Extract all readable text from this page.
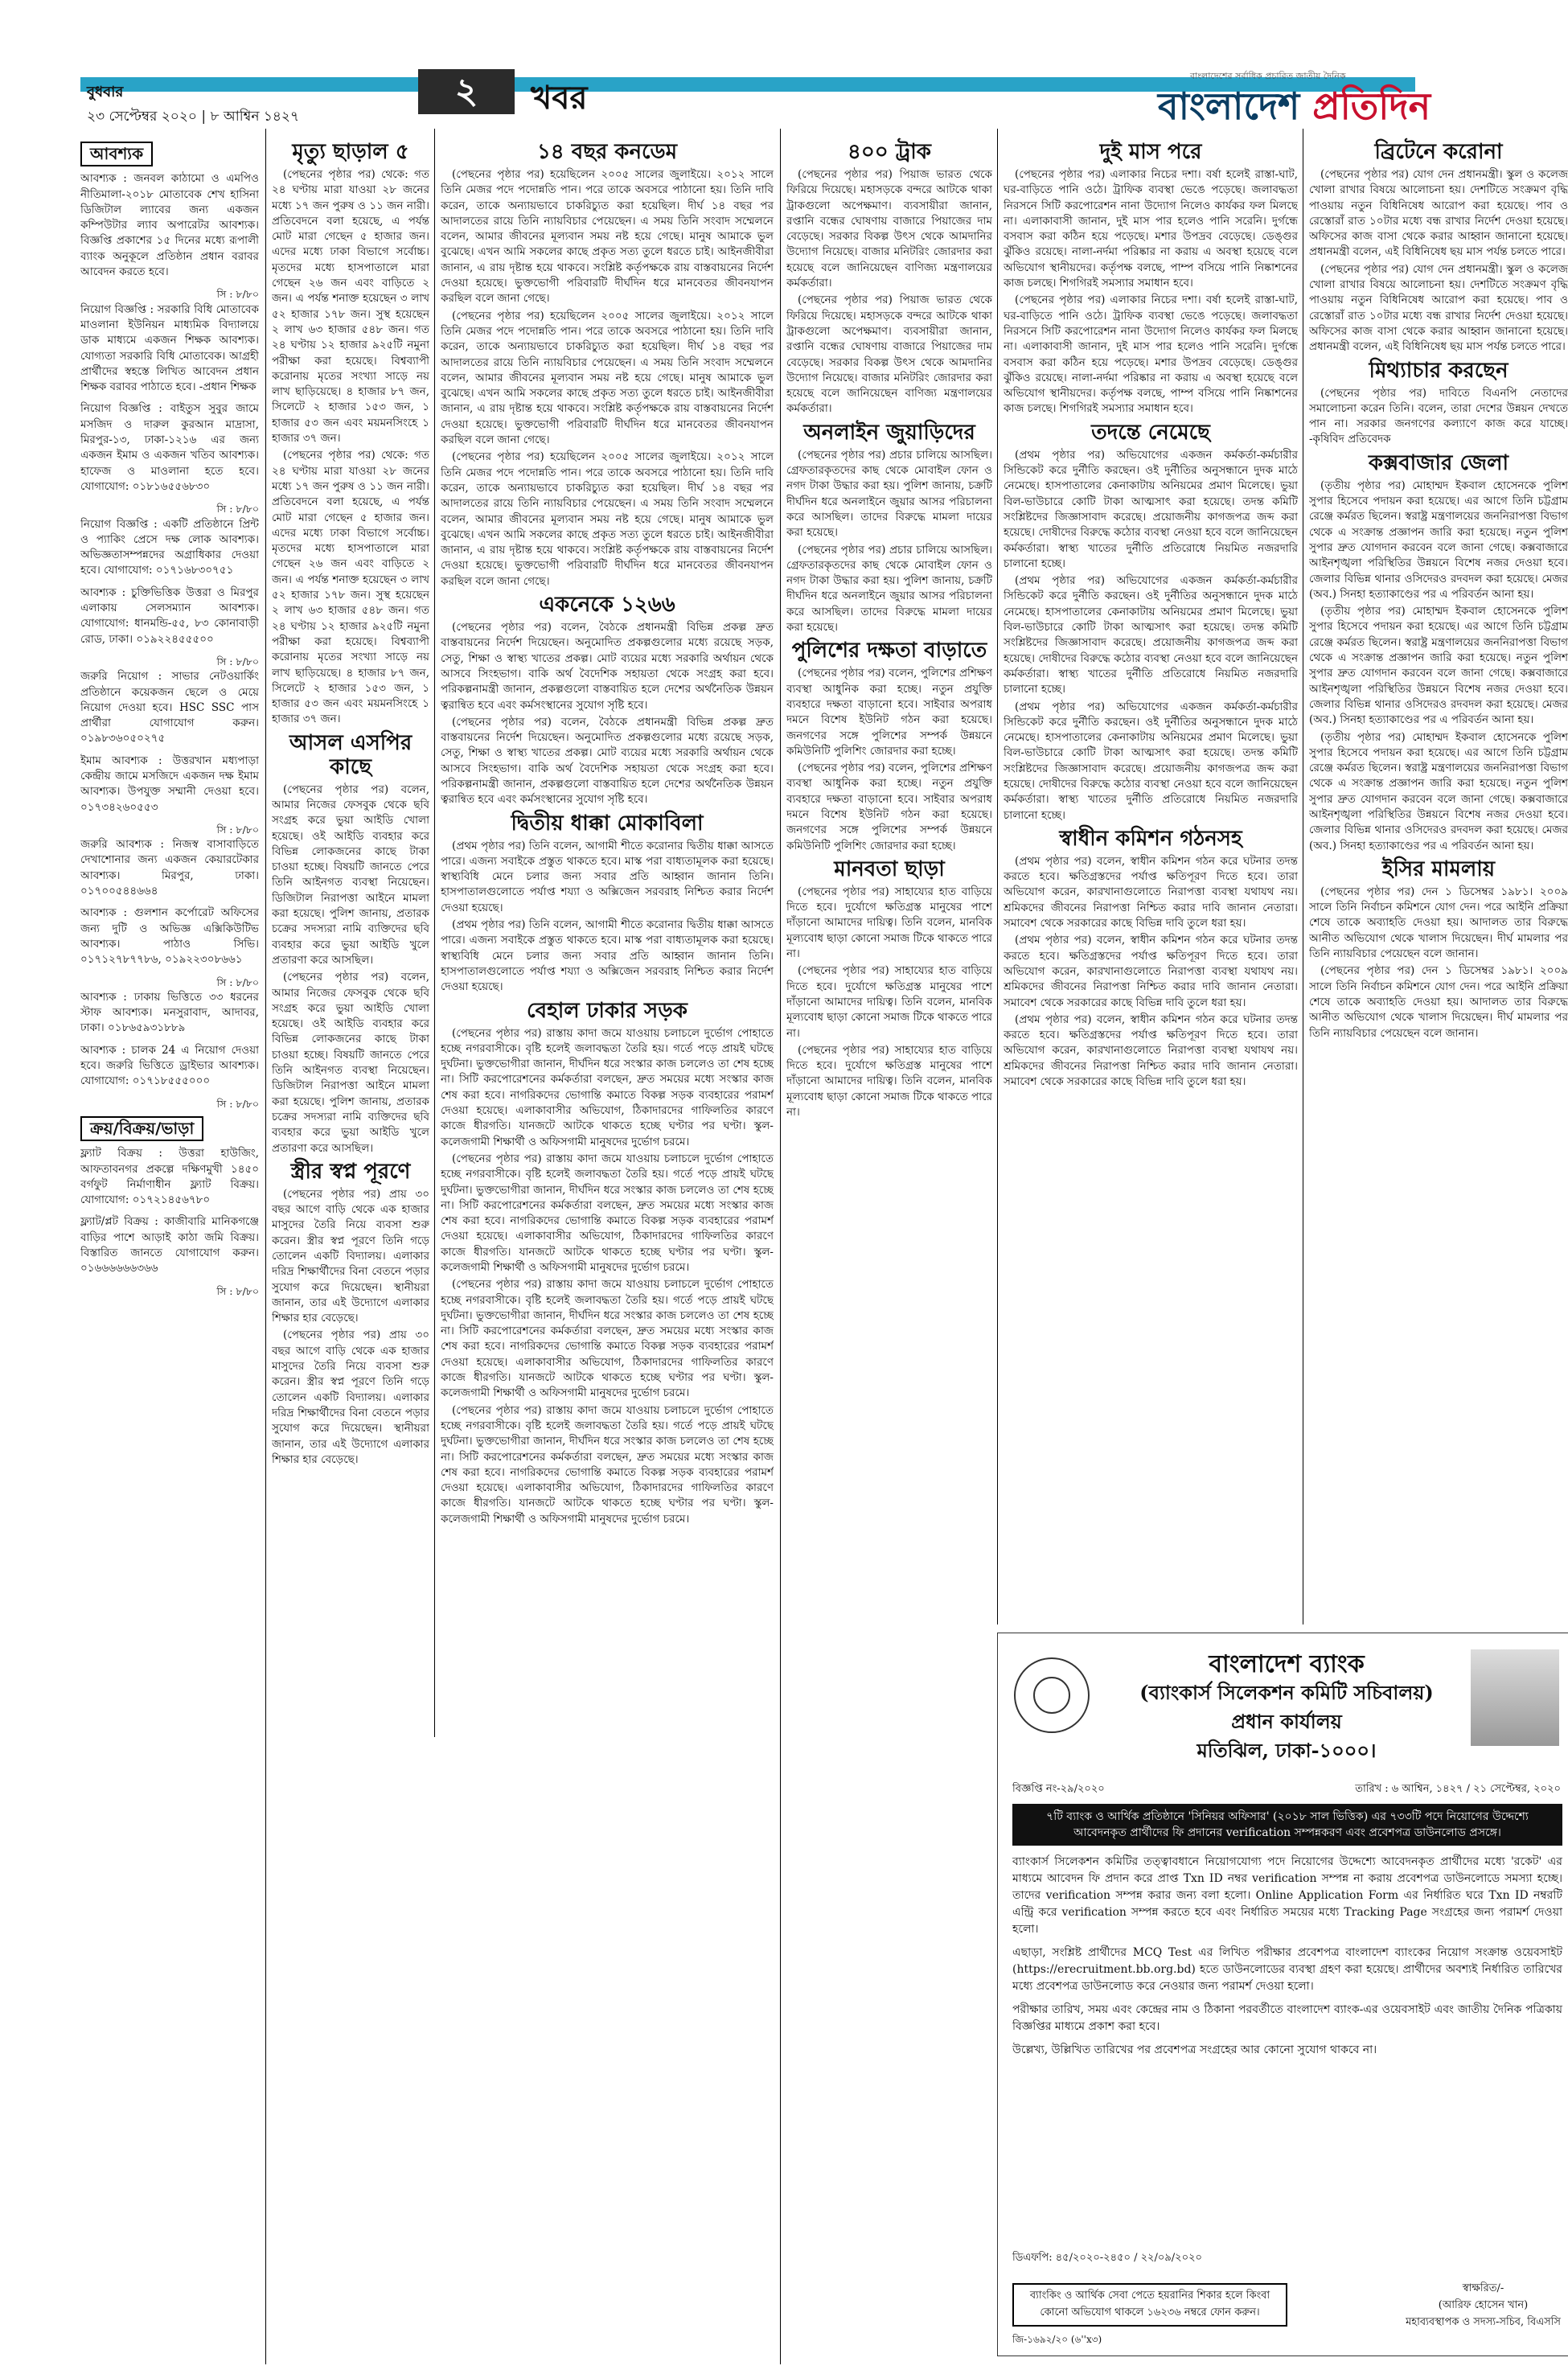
বুধবার
২৩ সেপ্টেম্বর ২০২০ | ৮ আশ্বিন ১৪২৭
২	খবর
বাংলাদেশের সর্বাধিক প্রচারিত জাতীয় দৈনিক
বাংলাদেশ প্রতিদিন
আবশ্যক

আবশ্যক : জনবল কাঠামো ও এমপিও নীতিমালা-২০১৮ মোতাবেক শেখ হাসিনা ডিজিটাল ল্যাবের জন্য একজন কম্পিউটার ল্যাব অপারেটর আবশ্যক। বিজ্ঞপ্তি প্রকাশের ১৫ দিনের মধ্যে রূপালী ব্যাংক অনুকূলে প্রতিষ্ঠান প্রধান বরাবর আবেদন করতে হবে।

সি : ৮/৮০

নিয়োগ বিজ্ঞপ্তি : সরকারি বিধি মোতাবেক মাওলানা ইউনিয়ন মাধ্যমিক বিদ্যালয়ে ডাক মাধ্যমে একজন শিক্ষক আবশ্যক। যোগ্যতা সরকারি বিধি মোতাবেক। আগ্রহী প্রার্থীদের স্বহস্তে লিখিত আবেদন প্রধান শিক্ষক বরাবর পাঠাতে হবে। -প্রধান শিক্ষক

নিয়োগ বিজ্ঞপ্তি : বাইতুস সুবুর জামে মসজিদ ও দারুল কুরআন মাদ্রাসা, মিরপুর-১৩, ঢাকা-১২১৬ এর জন্য একজন ইমাম ও একজন খতিব আবশ্যক। হাফেজ ও মাওলানা হতে হবে। যোগাযোগ: ০১৮১৬৫৫৬৮৩০

সি : ৮/৮০

নিয়োগ বিজ্ঞপ্তি : একটি প্রতিষ্ঠানে প্রিন্ট ও প্যাকিং প্রেসে দক্ষ লোক আবশ্যক। অভিজ্ঞতাসম্পন্নদের অগ্রাধিকার দেওয়া হবে। যোগাযোগ: ০১৭১৬৮৩০৭৫১

আবশ্যক : চুক্তিভিত্তিক উত্তরা ও মিরপুর এলাকায় সেলসম্যান আবশ্যক। যোগাযোগ: ধানমন্ডি-৫৫, ৮৩ কোনাবাড়ী রোড, ঢাকা। ০১৯২২৪৫৫৫০০

সি : ৮/৮০

জরুরি নিয়োগ : সাভার নেটওয়ার্কিং প্রতিষ্ঠানে কয়েকজন ছেলে ও মেয়ে নিয়োগ দেওয়া হবে। HSC SSC পাস প্রার্থীরা যোগাযোগ করুন। ০১৯৮৩৬০৫০২৭৫

ইমাম আবশ্যক : উত্তরখান মধ্যপাড়া কেন্দ্রীয় জামে মসজিদে একজন দক্ষ ইমাম আবশ্যক। উপযুক্ত সম্মানী দেওয়া হবে। ০১৭৩৪২৬০৫৫৩

সি : ৮/৮০

জরুরি আবশ্যক : নিজস্ব বাসাবাড়িতে দেখাশোনার জন্য একজন কেয়ারটেকার আবশ্যক। মিরপুর, ঢাকা। ০১৭০০৫৪৪৬৬৪

আবশ্যক : গুলশান কর্পোরেট অফিসের জন্য দুটি ও অভিজ্ঞ এক্সিকিউটিভ আবশ্যক। পাঠাও সিভি। ০১৭১২৭৮৭৭৮৬, ০১৯২২৩০৮৬৬১

সি : ৮/৮০

আবশ্যক : ঢাকায় ভিত্তিতে ৩৩ ধরনের স্টাফ আবশ্যক। মনসুরাবাদ, আদাবর, ঢাকা। ০১৮৬৫৯৩১৮৮৯

আবশ্যক : চালক 24 এ নিয়োগ দেওয়া হবে। জরুরি ভিত্তিতে ড্রাইভার আবশ্যক। যোগাযোগ: ০১৭১৮৫৫৫০০০

সি : ৮/৮০
ক্রয়/বিক্রয়/ভাড়া

ফ্ল্যাট বিক্রয় : উত্তরা হাউজিং, আফতাবনগর প্রকল্পে দক্ষিণমুখী ১৪৫০ বর্গফুট নির্মাণাধীন ফ্ল্যাট বিক্রয়। যোগাযোগ: ০১৭২১৪৫৬৭৮০

ফ্ল্যাট/প্লট বিক্রয় : কাজীবারি মানিকগঞ্জে বাড়ির পাশে আড়াই কাঠা জমি বিক্রয়। বিস্তারিত জানতে যোগাযোগ করুন। ০১৬৬৬৬৬৬৩৬৬

সি : ৮/৮০
মৃত্যু ছাড়াল ৫

(পেছনের পৃষ্ঠার পর) থেকে: গত ২৪ ঘণ্টায় মারা যাওয়া ২৮ জনের মধ্যে ১৭ জন পুরুষ ও ১১ জন নারী। প্রতিবেদনে বলা হয়েছে, এ পর্যন্ত মোট মারা গেছেন ৫ হাজার জন। এদের মধ্যে ঢাকা বিভাগে সর্বোচ্চ। মৃতদের মধ্যে হাসপাতালে মারা গেছেন ২৬ জন এবং বাড়িতে ২ জন। এ পর্যন্ত শনাক্ত হয়েছেন ৩ লাখ ৫২ হাজার ১৭৮ জন। সুস্থ হয়েছেন ২ লাখ ৬৩ হাজার ৫৪৮ জন। গত ২৪ ঘণ্টায় ১২ হাজার ৯২৫টি নমুনা পরীক্ষা করা হয়েছে। বিশ্বব্যাপী করোনায় মৃতের সংখ্যা সাড়ে নয় লাখ ছাড়িয়েছে। ৪ হাজার ৮৭ জন, সিলেটে ২ হাজার ১৫৩ জন, ১ হাজার ৫৩ জন এবং ময়মনসিংহে ১ হাজার ৩৭ জন।

(পেছনের পৃষ্ঠার পর) থেকে: গত ২৪ ঘণ্টায় মারা যাওয়া ২৮ জনের মধ্যে ১৭ জন পুরুষ ও ১১ জন নারী। প্রতিবেদনে বলা হয়েছে, এ পর্যন্ত মোট মারা গেছেন ৫ হাজার জন। এদের মধ্যে ঢাকা বিভাগে সর্বোচ্চ। মৃতদের মধ্যে হাসপাতালে মারা গেছেন ২৬ জন এবং বাড়িতে ২ জন। এ পর্যন্ত শনাক্ত হয়েছেন ৩ লাখ ৫২ হাজার ১৭৮ জন। সুস্থ হয়েছেন ২ লাখ ৬৩ হাজার ৫৪৮ জন। গত ২৪ ঘণ্টায় ১২ হাজার ৯২৫টি নমুনা পরীক্ষা করা হয়েছে। বিশ্বব্যাপী করোনায় মৃতের সংখ্যা সাড়ে নয় লাখ ছাড়িয়েছে। ৪ হাজার ৮৭ জন, সিলেটে ২ হাজার ১৫৩ জন, ১ হাজার ৫৩ জন এবং ময়মনসিংহে ১ হাজার ৩৭ জন।

আসল এসপির কাছে

(পেছনের পৃষ্ঠার পর) বলেন, আমার নিজের ফেসবুক থেকে ছবি সংগ্রহ করে ভুয়া আইডি খোলা হয়েছে। ওই আইডি ব্যবহার করে বিভিন্ন লোকজনের কাছে টাকা চাওয়া হচ্ছে। বিষয়টি জানতে পেরে তিনি আইনগত ব্যবস্থা নিয়েছেন। ডিজিটাল নিরাপত্তা আইনে মামলা করা হয়েছে। পুলিশ জানায়, প্রতারক চক্রের সদস্যরা নামি ব্যক্তিদের ছবি ব্যবহার করে ভুয়া আইডি খুলে প্রতারণা করে আসছিল।

(পেছনের পৃষ্ঠার পর) বলেন, আমার নিজের ফেসবুক থেকে ছবি সংগ্রহ করে ভুয়া আইডি খোলা হয়েছে। ওই আইডি ব্যবহার করে বিভিন্ন লোকজনের কাছে টাকা চাওয়া হচ্ছে। বিষয়টি জানতে পেরে তিনি আইনগত ব্যবস্থা নিয়েছেন। ডিজিটাল নিরাপত্তা আইনে মামলা করা হয়েছে। পুলিশ জানায়, প্রতারক চক্রের সদস্যরা নামি ব্যক্তিদের ছবি ব্যবহার করে ভুয়া আইডি খুলে প্রতারণা করে আসছিল।

স্ত্রীর স্বপ্ন পূরণে

(পেছনের পৃষ্ঠার পর) প্রায় ৩০ বছর আগে বাড়ি থেকে এক হাজার মাসুদের তৈরি নিয়ে ব্যবসা শুরু করেন। স্ত্রীর স্বপ্ন পূরণে তিনি গড়ে তোলেন একটি বিদ্যালয়। এলাকার দরিদ্র শিক্ষার্থীদের বিনা বেতনে পড়ার সুযোগ করে দিয়েছেন। স্থানীয়রা জানান, তার এই উদ্যোগে এলাকার শিক্ষার হার বেড়েছে।

(পেছনের পৃষ্ঠার পর) প্রায় ৩০ বছর আগে বাড়ি থেকে এক হাজার মাসুদের তৈরি নিয়ে ব্যবসা শুরু করেন। স্ত্রীর স্বপ্ন পূরণে তিনি গড়ে তোলেন একটি বিদ্যালয়। এলাকার দরিদ্র শিক্ষার্থীদের বিনা বেতনে পড়ার সুযোগ করে দিয়েছেন। স্থানীয়রা জানান, তার এই উদ্যোগে এলাকার শিক্ষার হার বেড়েছে।

১৪ বছর কনডেম

(পেছনের পৃষ্ঠার পর) হয়েছিলেন ২০০৫ সালের জুলাইয়ে। ২০১২ সালে তিনি মেজর পদে পদোন্নতি পান। পরে তাকে অবসরে পাঠানো হয়। তিনি দাবি করেন, তাকে অন্যায়ভাবে চাকরিচ্যুত করা হয়েছিল। দীর্ঘ ১৪ বছর পর আদালতের রায়ে তিনি ন্যায়বিচার পেয়েছেন। এ সময় তিনি সংবাদ সম্মেলনে বলেন, আমার জীবনের মূল্যবান সময় নষ্ট হয়ে গেছে। মানুষ আমাকে ভুল বুঝেছে। এখন আমি সকলের কাছে প্রকৃত সত্য তুলে ধরতে চাই। আইনজীবীরা জানান, এ রায় দৃষ্টান্ত হয়ে থাকবে। সংশ্লিষ্ট কর্তৃপক্ষকে রায় বাস্তবায়নের নির্দেশ দেওয়া হয়েছে। ভুক্তভোগী পরিবারটি দীর্ঘদিন ধরে মানবেতর জীবনযাপন করছিল বলে জানা গেছে।

(পেছনের পৃষ্ঠার পর) হয়েছিলেন ২০০৫ সালের জুলাইয়ে। ২০১২ সালে তিনি মেজর পদে পদোন্নতি পান। পরে তাকে অবসরে পাঠানো হয়। তিনি দাবি করেন, তাকে অন্যায়ভাবে চাকরিচ্যুত করা হয়েছিল। দীর্ঘ ১৪ বছর পর আদালতের রায়ে তিনি ন্যায়বিচার পেয়েছেন। এ সময় তিনি সংবাদ সম্মেলনে বলেন, আমার জীবনের মূল্যবান সময় নষ্ট হয়ে গেছে। মানুষ আমাকে ভুল বুঝেছে। এখন আমি সকলের কাছে প্রকৃত সত্য তুলে ধরতে চাই। আইনজীবীরা জানান, এ রায় দৃষ্টান্ত হয়ে থাকবে। সংশ্লিষ্ট কর্তৃপক্ষকে রায় বাস্তবায়নের নির্দেশ দেওয়া হয়েছে। ভুক্তভোগী পরিবারটি দীর্ঘদিন ধরে মানবেতর জীবনযাপন করছিল বলে জানা গেছে।

(পেছনের পৃষ্ঠার পর) হয়েছিলেন ২০০৫ সালের জুলাইয়ে। ২০১২ সালে তিনি মেজর পদে পদোন্নতি পান। পরে তাকে অবসরে পাঠানো হয়। তিনি দাবি করেন, তাকে অন্যায়ভাবে চাকরিচ্যুত করা হয়েছিল। দীর্ঘ ১৪ বছর পর আদালতের রায়ে তিনি ন্যায়বিচার পেয়েছেন। এ সময় তিনি সংবাদ সম্মেলনে বলেন, আমার জীবনের মূল্যবান সময় নষ্ট হয়ে গেছে। মানুষ আমাকে ভুল বুঝেছে। এখন আমি সকলের কাছে প্রকৃত সত্য তুলে ধরতে চাই। আইনজীবীরা জানান, এ রায় দৃষ্টান্ত হয়ে থাকবে। সংশ্লিষ্ট কর্তৃপক্ষকে রায় বাস্তবায়নের নির্দেশ দেওয়া হয়েছে। ভুক্তভোগী পরিবারটি দীর্ঘদিন ধরে মানবেতর জীবনযাপন করছিল বলে জানা গেছে।

একনেকে ১২৬৬

(পেছনের পৃষ্ঠার পর) বলেন, বৈঠকে প্রধানমন্ত্রী বিভিন্ন প্রকল্প দ্রুত বাস্তবায়নের নির্দেশ দিয়েছেন। অনুমোদিত প্রকল্পগুলোর মধ্যে রয়েছে সড়ক, সেতু, শিক্ষা ও স্বাস্থ্য খাতের প্রকল্প। মোট ব্যয়ের মধ্যে সরকারি অর্থায়ন থেকে আসবে সিংহভাগ। বাকি অর্থ বৈদেশিক সহায়তা থেকে সংগ্রহ করা হবে। পরিকল্পনামন্ত্রী জানান, প্রকল্পগুলো বাস্তবায়িত হলে দেশের অর্থনৈতিক উন্নয়ন ত্বরান্বিত হবে এবং কর্মসংস্থানের সুযোগ সৃষ্টি হবে।

(পেছনের পৃষ্ঠার পর) বলেন, বৈঠকে প্রধানমন্ত্রী বিভিন্ন প্রকল্প দ্রুত বাস্তবায়নের নির্দেশ দিয়েছেন। অনুমোদিত প্রকল্পগুলোর মধ্যে রয়েছে সড়ক, সেতু, শিক্ষা ও স্বাস্থ্য খাতের প্রকল্প। মোট ব্যয়ের মধ্যে সরকারি অর্থায়ন থেকে আসবে সিংহভাগ। বাকি অর্থ বৈদেশিক সহায়তা থেকে সংগ্রহ করা হবে। পরিকল্পনামন্ত্রী জানান, প্রকল্পগুলো বাস্তবায়িত হলে দেশের অর্থনৈতিক উন্নয়ন ত্বরান্বিত হবে এবং কর্মসংস্থানের সুযোগ সৃষ্টি হবে।

দ্বিতীয় ধাক্কা মোকাবিলা

(প্রথম পৃষ্ঠার পর) তিনি বলেন, আগামী শীতে করোনার দ্বিতীয় ধাক্কা আসতে পারে। এজন্য সবাইকে প্রস্তুত থাকতে হবে। মাস্ক পরা বাধ্যতামূলক করা হয়েছে। স্বাস্থ্যবিধি মেনে চলার জন্য সবার প্রতি আহ্বান জানান তিনি। হাসপাতালগুলোতে পর্যাপ্ত শয্যা ও অক্সিজেন সরবরাহ নিশ্চিত করার নির্দেশ দেওয়া হয়েছে।

(প্রথম পৃষ্ঠার পর) তিনি বলেন, আগামী শীতে করোনার দ্বিতীয় ধাক্কা আসতে পারে। এজন্য সবাইকে প্রস্তুত থাকতে হবে। মাস্ক পরা বাধ্যতামূলক করা হয়েছে। স্বাস্থ্যবিধি মেনে চলার জন্য সবার প্রতি আহ্বান জানান তিনি। হাসপাতালগুলোতে পর্যাপ্ত শয্যা ও অক্সিজেন সরবরাহ নিশ্চিত করার নির্দেশ দেওয়া হয়েছে।

বেহাল ঢাকার সড়ক

(পেছনের পৃষ্ঠার পর) রাস্তায় কাদা জমে যাওয়ায় চলাচলে দুর্ভোগ পোহাতে হচ্ছে নগরবাসীকে। বৃষ্টি হলেই জলাবদ্ধতা তৈরি হয়। গর্তে পড়ে প্রায়ই ঘটছে দুর্ঘটনা। ভুক্তভোগীরা জানান, দীর্ঘদিন ধরে সংস্কার কাজ চললেও তা শেষ হচ্ছে না। সিটি করপোরেশনের কর্মকর্তারা বলছেন, দ্রুত সময়ের মধ্যে সংস্কার কাজ শেষ করা হবে। নাগরিকদের ভোগান্তি কমাতে বিকল্প সড়ক ব্যবহারের পরামর্শ দেওয়া হয়েছে। এলাকাবাসীর অভিযোগ, ঠিকাদারদের গাফিলতির কারণে কাজে ধীরগতি। যানজটে আটকে থাকতে হচ্ছে ঘণ্টার পর ঘণ্টা। স্কুল-কলেজগামী শিক্ষার্থী ও অফিসগামী মানুষদের দুর্ভোগ চরমে।

(পেছনের পৃষ্ঠার পর) রাস্তায় কাদা জমে যাওয়ায় চলাচলে দুর্ভোগ পোহাতে হচ্ছে নগরবাসীকে। বৃষ্টি হলেই জলাবদ্ধতা তৈরি হয়। গর্তে পড়ে প্রায়ই ঘটছে দুর্ঘটনা। ভুক্তভোগীরা জানান, দীর্ঘদিন ধরে সংস্কার কাজ চললেও তা শেষ হচ্ছে না। সিটি করপোরেশনের কর্মকর্তারা বলছেন, দ্রুত সময়ের মধ্যে সংস্কার কাজ শেষ করা হবে। নাগরিকদের ভোগান্তি কমাতে বিকল্প সড়ক ব্যবহারের পরামর্শ দেওয়া হয়েছে। এলাকাবাসীর অভিযোগ, ঠিকাদারদের গাফিলতির কারণে কাজে ধীরগতি। যানজটে আটকে থাকতে হচ্ছে ঘণ্টার পর ঘণ্টা। স্কুল-কলেজগামী শিক্ষার্থী ও অফিসগামী মানুষদের দুর্ভোগ চরমে।

(পেছনের পৃষ্ঠার পর) রাস্তায় কাদা জমে যাওয়ায় চলাচলে দুর্ভোগ পোহাতে হচ্ছে নগরবাসীকে। বৃষ্টি হলেই জলাবদ্ধতা তৈরি হয়। গর্তে পড়ে প্রায়ই ঘটছে দুর্ঘটনা। ভুক্তভোগীরা জানান, দীর্ঘদিন ধরে সংস্কার কাজ চললেও তা শেষ হচ্ছে না। সিটি করপোরেশনের কর্মকর্তারা বলছেন, দ্রুত সময়ের মধ্যে সংস্কার কাজ শেষ করা হবে। নাগরিকদের ভোগান্তি কমাতে বিকল্প সড়ক ব্যবহারের পরামর্শ দেওয়া হয়েছে। এলাকাবাসীর অভিযোগ, ঠিকাদারদের গাফিলতির কারণে কাজে ধীরগতি। যানজটে আটকে থাকতে হচ্ছে ঘণ্টার পর ঘণ্টা। স্কুল-কলেজগামী শিক্ষার্থী ও অফিসগামী মানুষদের দুর্ভোগ চরমে।

(পেছনের পৃষ্ঠার পর) রাস্তায় কাদা জমে যাওয়ায় চলাচলে দুর্ভোগ পোহাতে হচ্ছে নগরবাসীকে। বৃষ্টি হলেই জলাবদ্ধতা তৈরি হয়। গর্তে পড়ে প্রায়ই ঘটছে দুর্ঘটনা। ভুক্তভোগীরা জানান, দীর্ঘদিন ধরে সংস্কার কাজ চললেও তা শেষ হচ্ছে না। সিটি করপোরেশনের কর্মকর্তারা বলছেন, দ্রুত সময়ের মধ্যে সংস্কার কাজ শেষ করা হবে। নাগরিকদের ভোগান্তি কমাতে বিকল্প সড়ক ব্যবহারের পরামর্শ দেওয়া হয়েছে। এলাকাবাসীর অভিযোগ, ঠিকাদারদের গাফিলতির কারণে কাজে ধীরগতি। যানজটে আটকে থাকতে হচ্ছে ঘণ্টার পর ঘণ্টা। স্কুল-কলেজগামী শিক্ষার্থী ও অফিসগামী মানুষদের দুর্ভোগ চরমে।

৪০০ ট্রাক

(পেছনের পৃষ্ঠার পর) পিয়াজ ভারত থেকে ফিরিয়ে দিয়েছে। মহাসড়কে বন্দরে আটকে থাকা ট্রাকগুলো অপেক্ষমাণ। ব্যবসায়ীরা জানান, রপ্তানি বন্ধের ঘোষণায় বাজারে পিয়াজের দাম বেড়েছে। সরকার বিকল্প উৎস থেকে আমদানির উদ্যোগ নিয়েছে। বাজার মনিটরিং জোরদার করা হয়েছে বলে জানিয়েছেন বাণিজ্য মন্ত্রণালয়ের কর্মকর্তারা।

(পেছনের পৃষ্ঠার পর) পিয়াজ ভারত থেকে ফিরিয়ে দিয়েছে। মহাসড়কে বন্দরে আটকে থাকা ট্রাকগুলো অপেক্ষমাণ। ব্যবসায়ীরা জানান, রপ্তানি বন্ধের ঘোষণায় বাজারে পিয়াজের দাম বেড়েছে। সরকার বিকল্প উৎস থেকে আমদানির উদ্যোগ নিয়েছে। বাজার মনিটরিং জোরদার করা হয়েছে বলে জানিয়েছেন বাণিজ্য মন্ত্রণালয়ের কর্মকর্তারা।

অনলাইন জুয়াড়িদের

(পেছনের পৃষ্ঠার পর) প্রচার চালিয়ে আসছিল। গ্রেফতারকৃতদের কাছ থেকে মোবাইল ফোন ও নগদ টাকা উদ্ধার করা হয়। পুলিশ জানায়, চক্রটি দীর্ঘদিন ধরে অনলাইনে জুয়ার আসর পরিচালনা করে আসছিল। তাদের বিরুদ্ধে মামলা দায়ের করা হয়েছে।

(পেছনের পৃষ্ঠার পর) প্রচার চালিয়ে আসছিল। গ্রেফতারকৃতদের কাছ থেকে মোবাইল ফোন ও নগদ টাকা উদ্ধার করা হয়। পুলিশ জানায়, চক্রটি দীর্ঘদিন ধরে অনলাইনে জুয়ার আসর পরিচালনা করে আসছিল। তাদের বিরুদ্ধে মামলা দায়ের করা হয়েছে।

পুলিশের দক্ষতা বাড়াতে

(পেছনের পৃষ্ঠার পর) বলেন, পুলিশের প্রশিক্ষণ ব্যবস্থা আধুনিক করা হচ্ছে। নতুন প্রযুক্তি ব্যবহারে দক্ষতা বাড়ানো হবে। সাইবার অপরাধ দমনে বিশেষ ইউনিট গঠন করা হয়েছে। জনগণের সঙ্গে পুলিশের সম্পর্ক উন্নয়নে কমিউনিটি পুলিশিং জোরদার করা হচ্ছে।

(পেছনের পৃষ্ঠার পর) বলেন, পুলিশের প্রশিক্ষণ ব্যবস্থা আধুনিক করা হচ্ছে। নতুন প্রযুক্তি ব্যবহারে দক্ষতা বাড়ানো হবে। সাইবার অপরাধ দমনে বিশেষ ইউনিট গঠন করা হয়েছে। জনগণের সঙ্গে পুলিশের সম্পর্ক উন্নয়নে কমিউনিটি পুলিশিং জোরদার করা হচ্ছে।

মানবতা ছাড়া

(পেছনের পৃষ্ঠার পর) সাহায্যের হাত বাড়িয়ে দিতে হবে। দুর্যোগে ক্ষতিগ্রস্ত মানুষের পাশে দাঁড়ানো আমাদের দায়িত্ব। তিনি বলেন, মানবিক মূল্যবোধ ছাড়া কোনো সমাজ টিকে থাকতে পারে না।

(পেছনের পৃষ্ঠার পর) সাহায্যের হাত বাড়িয়ে দিতে হবে। দুর্যোগে ক্ষতিগ্রস্ত মানুষের পাশে দাঁড়ানো আমাদের দায়িত্ব। তিনি বলেন, মানবিক মূল্যবোধ ছাড়া কোনো সমাজ টিকে থাকতে পারে না।

(পেছনের পৃষ্ঠার পর) সাহায্যের হাত বাড়িয়ে দিতে হবে। দুর্যোগে ক্ষতিগ্রস্ত মানুষের পাশে দাঁড়ানো আমাদের দায়িত্ব। তিনি বলেন, মানবিক মূল্যবোধ ছাড়া কোনো সমাজ টিকে থাকতে পারে না।

দুই মাস পরে

(পেছনের পৃষ্ঠার পর) এলাকার নিচের দশা। বর্ষা হলেই রাস্তা-ঘাট, ঘর-বাড়িতে পানি ওঠে। ট্রাফিক ব্যবস্থা ভেঙে পড়েছে। জলাবদ্ধতা নিরসনে সিটি করপোরেশন নানা উদ্যোগ নিলেও কার্যকর ফল মিলছে না। এলাকাবাসী জানান, দুই মাস পার হলেও পানি সরেনি। দুর্গন্ধে বসবাস করা কঠিন হয়ে পড়েছে। মশার উপদ্রব বেড়েছে। ডেঙ্গুর ঝুঁকিও রয়েছে। নালা-নর্দমা পরিষ্কার না করায় এ অবস্থা হয়েছে বলে অভিযোগ স্থানীয়দের। কর্তৃপক্ষ বলছে, পাম্প বসিয়ে পানি নিষ্কাশনের কাজ চলছে। শিগগিরই সমস্যার সমাধান হবে।

(পেছনের পৃষ্ঠার পর) এলাকার নিচের দশা। বর্ষা হলেই রাস্তা-ঘাট, ঘর-বাড়িতে পানি ওঠে। ট্রাফিক ব্যবস্থা ভেঙে পড়েছে। জলাবদ্ধতা নিরসনে সিটি করপোরেশন নানা উদ্যোগ নিলেও কার্যকর ফল মিলছে না। এলাকাবাসী জানান, দুই মাস পার হলেও পানি সরেনি। দুর্গন্ধে বসবাস করা কঠিন হয়ে পড়েছে। মশার উপদ্রব বেড়েছে। ডেঙ্গুর ঝুঁকিও রয়েছে। নালা-নর্দমা পরিষ্কার না করায় এ অবস্থা হয়েছে বলে অভিযোগ স্থানীয়দের। কর্তৃপক্ষ বলছে, পাম্প বসিয়ে পানি নিষ্কাশনের কাজ চলছে। শিগগিরই সমস্যার সমাধান হবে।

তদন্তে নেমেছে

(প্রথম পৃষ্ঠার পর) অভিযোগের একজন কর্মকর্তা-কর্মচারীর সিন্ডিকেট করে দুর্নীতি করছেন। ওই দুর্নীতির অনুসন্ধানে দুদক মাঠে নেমেছে। হাসপাতালের কেনাকাটায় অনিয়মের প্রমাণ মিলেছে। ভুয়া বিল-ভাউচারে কোটি টাকা আত্মসাৎ করা হয়েছে। তদন্ত কমিটি সংশ্লিষ্টদের জিজ্ঞাসাবাদ করেছে। প্রয়োজনীয় কাগজপত্র জব্দ করা হয়েছে। দোষীদের বিরুদ্ধে কঠোর ব্যবস্থা নেওয়া হবে বলে জানিয়েছেন কর্মকর্তারা। স্বাস্থ্য খাতের দুর্নীতি প্রতিরোধে নিয়মিত নজরদারি চালানো হচ্ছে।

(প্রথম পৃষ্ঠার পর) অভিযোগের একজন কর্মকর্তা-কর্মচারীর সিন্ডিকেট করে দুর্নীতি করছেন। ওই দুর্নীতির অনুসন্ধানে দুদক মাঠে নেমেছে। হাসপাতালের কেনাকাটায় অনিয়মের প্রমাণ মিলেছে। ভুয়া বিল-ভাউচারে কোটি টাকা আত্মসাৎ করা হয়েছে। তদন্ত কমিটি সংশ্লিষ্টদের জিজ্ঞাসাবাদ করেছে। প্রয়োজনীয় কাগজপত্র জব্দ করা হয়েছে। দোষীদের বিরুদ্ধে কঠোর ব্যবস্থা নেওয়া হবে বলে জানিয়েছেন কর্মকর্তারা। স্বাস্থ্য খাতের দুর্নীতি প্রতিরোধে নিয়মিত নজরদারি চালানো হচ্ছে।

(প্রথম পৃষ্ঠার পর) অভিযোগের একজন কর্মকর্তা-কর্মচারীর সিন্ডিকেট করে দুর্নীতি করছেন। ওই দুর্নীতির অনুসন্ধানে দুদক মাঠে নেমেছে। হাসপাতালের কেনাকাটায় অনিয়মের প্রমাণ মিলেছে। ভুয়া বিল-ভাউচারে কোটি টাকা আত্মসাৎ করা হয়েছে। তদন্ত কমিটি সংশ্লিষ্টদের জিজ্ঞাসাবাদ করেছে। প্রয়োজনীয় কাগজপত্র জব্দ করা হয়েছে। দোষীদের বিরুদ্ধে কঠোর ব্যবস্থা নেওয়া হবে বলে জানিয়েছেন কর্মকর্তারা। স্বাস্থ্য খাতের দুর্নীতি প্রতিরোধে নিয়মিত নজরদারি চালানো হচ্ছে।

স্বাধীন কমিশন গঠনসহ

(প্রথম পৃষ্ঠার পর) বলেন, স্বাধীন কমিশন গঠন করে ঘটনার তদন্ত করতে হবে। ক্ষতিগ্রস্তদের পর্যাপ্ত ক্ষতিপূরণ দিতে হবে। তারা অভিযোগ করেন, কারখানাগুলোতে নিরাপত্তা ব্যবস্থা যথাযথ নয়। শ্রমিকদের জীবনের নিরাপত্তা নিশ্চিত করার দাবি জানান নেতারা। সমাবেশ থেকে সরকারের কাছে বিভিন্ন দাবি তুলে ধরা হয়।

(প্রথম পৃষ্ঠার পর) বলেন, স্বাধীন কমিশন গঠন করে ঘটনার তদন্ত করতে হবে। ক্ষতিগ্রস্তদের পর্যাপ্ত ক্ষতিপূরণ দিতে হবে। তারা অভিযোগ করেন, কারখানাগুলোতে নিরাপত্তা ব্যবস্থা যথাযথ নয়। শ্রমিকদের জীবনের নিরাপত্তা নিশ্চিত করার দাবি জানান নেতারা। সমাবেশ থেকে সরকারের কাছে বিভিন্ন দাবি তুলে ধরা হয়।

(প্রথম পৃষ্ঠার পর) বলেন, স্বাধীন কমিশন গঠন করে ঘটনার তদন্ত করতে হবে। ক্ষতিগ্রস্তদের পর্যাপ্ত ক্ষতিপূরণ দিতে হবে। তারা অভিযোগ করেন, কারখানাগুলোতে নিরাপত্তা ব্যবস্থা যথাযথ নয়। শ্রমিকদের জীবনের নিরাপত্তা নিশ্চিত করার দাবি জানান নেতারা। সমাবেশ থেকে সরকারের কাছে বিভিন্ন দাবি তুলে ধরা হয়।

ব্রিটেনে করোনা

(পেছনের পৃষ্ঠার পর) যোগ দেন প্রধানমন্ত্রী। স্কুল ও কলেজ খোলা রাখার বিষয়ে আলোচনা হয়। দেশটিতে সংক্রমণ বৃদ্ধি পাওয়ায় নতুন বিধিনিষেধ আরোপ করা হয়েছে। পাব ও রেস্তোরাঁ রাত ১০টার মধ্যে বন্ধ রাখার নির্দেশ দেওয়া হয়েছে। অফিসের কাজ বাসা থেকে করার আহ্বান জানানো হয়েছে। প্রধানমন্ত্রী বলেন, এই বিধিনিষেধ ছয় মাস পর্যন্ত চলতে পারে।

(পেছনের পৃষ্ঠার পর) যোগ দেন প্রধানমন্ত্রী। স্কুল ও কলেজ খোলা রাখার বিষয়ে আলোচনা হয়। দেশটিতে সংক্রমণ বৃদ্ধি পাওয়ায় নতুন বিধিনিষেধ আরোপ করা হয়েছে। পাব ও রেস্তোরাঁ রাত ১০টার মধ্যে বন্ধ রাখার নির্দেশ দেওয়া হয়েছে। অফিসের কাজ বাসা থেকে করার আহ্বান জানানো হয়েছে। প্রধানমন্ত্রী বলেন, এই বিধিনিষেধ ছয় মাস পর্যন্ত চলতে পারে।

মিথ্যাচার করছেন

(পেছনের পৃষ্ঠার পর) দাবিতে বিএনপি নেতাদের সমালোচনা করেন তিনি। বলেন, তারা দেশের উন্নয়ন দেখতে পান না। সরকার জনগণের কল্যাণে কাজ করে যাচ্ছে। -কৃষিবিদ প্রতিবেদক

কক্সবাজার জেলা

(তৃতীয় পৃষ্ঠার পর) মোহাম্মদ ইকবাল হোসেনকে পুলিশ সুপার হিসেবে পদায়ন করা হয়েছে। এর আগে তিনি চট্টগ্রাম রেঞ্জে কর্মরত ছিলেন। স্বরাষ্ট্র মন্ত্রণালয়ের জননিরাপত্তা বিভাগ থেকে এ সংক্রান্ত প্রজ্ঞাপন জারি করা হয়েছে। নতুন পুলিশ সুপার দ্রুত যোগদান করবেন বলে জানা গেছে। কক্সবাজারে আইনশৃঙ্খলা পরিস্থিতির উন্নয়নে বিশেষ নজর দেওয়া হবে। জেলার বিভিন্ন থানার ওসিদেরও রদবদল করা হয়েছে। মেজর (অব.) সিনহা হত্যাকাণ্ডের পর এ পরিবর্তন আনা হয়।

(তৃতীয় পৃষ্ঠার পর) মোহাম্মদ ইকবাল হোসেনকে পুলিশ সুপার হিসেবে পদায়ন করা হয়েছে। এর আগে তিনি চট্টগ্রাম রেঞ্জে কর্মরত ছিলেন। স্বরাষ্ট্র মন্ত্রণালয়ের জননিরাপত্তা বিভাগ থেকে এ সংক্রান্ত প্রজ্ঞাপন জারি করা হয়েছে। নতুন পুলিশ সুপার দ্রুত যোগদান করবেন বলে জানা গেছে। কক্সবাজারে আইনশৃঙ্খলা পরিস্থিতির উন্নয়নে বিশেষ নজর দেওয়া হবে। জেলার বিভিন্ন থানার ওসিদেরও রদবদল করা হয়েছে। মেজর (অব.) সিনহা হত্যাকাণ্ডের পর এ পরিবর্তন আনা হয়।

(তৃতীয় পৃষ্ঠার পর) মোহাম্মদ ইকবাল হোসেনকে পুলিশ সুপার হিসেবে পদায়ন করা হয়েছে। এর আগে তিনি চট্টগ্রাম রেঞ্জে কর্মরত ছিলেন। স্বরাষ্ট্র মন্ত্রণালয়ের জননিরাপত্তা বিভাগ থেকে এ সংক্রান্ত প্রজ্ঞাপন জারি করা হয়েছে। নতুন পুলিশ সুপার দ্রুত যোগদান করবেন বলে জানা গেছে। কক্সবাজারে আইনশৃঙ্খলা পরিস্থিতির উন্নয়নে বিশেষ নজর দেওয়া হবে। জেলার বিভিন্ন থানার ওসিদেরও রদবদল করা হয়েছে। মেজর (অব.) সিনহা হত্যাকাণ্ডের পর এ পরিবর্তন আনা হয়।

ইসির মামলায়

(পেছনের পৃষ্ঠার পর) দেন ১ ডিসেম্বর ১৯৮১। ২০০৯ সালে তিনি নির্বাচন কমিশনে যোগ দেন। পরে আইনি প্রক্রিয়া শেষে তাকে অব্যাহতি দেওয়া হয়। আদালত তার বিরুদ্ধে আনীত অভিযোগ থেকে খালাস দিয়েছেন। দীর্ঘ মামলার পর তিনি ন্যায়বিচার পেয়েছেন বলে জানান।

(পেছনের পৃষ্ঠার পর) দেন ১ ডিসেম্বর ১৯৮১। ২০০৯ সালে তিনি নির্বাচন কমিশনে যোগ দেন। পরে আইনি প্রক্রিয়া শেষে তাকে অব্যাহতি দেওয়া হয়। আদালত তার বিরুদ্ধে আনীত অভিযোগ থেকে খালাস দিয়েছেন। দীর্ঘ মামলার পর তিনি ন্যায়বিচার পেয়েছেন বলে জানান।

বাংলাদেশ ব্যাংক
(ব্যাংকার্স সিলেকশন কমিটি সচিবালয়)
প্রধান কার্যালয়
মতিঝিল, ঢাকা-১০০০।
বিজ্ঞপ্তি নং-২৯/২০২০	তারিখ : ৬ আশ্বিন, ১৪২৭ / ২১ সেপ্টেম্বর, ২০২০
৭টি ব্যাংক ও আর্থিক প্রতিষ্ঠানে 'সিনিয়র অফিসার' (২০১৮ সাল ভিত্তিক) এর ৭৩৩টি পদে নিয়োগের উদ্দেশ্যে আবেদনকৃত প্রার্থীদের ফি প্রদানের verification সম্পন্নকরণ এবং প্রবেশপত্র ডাউনলোড প্রসঙ্গে।

ব্যাংকার্স সিলেকশন কমিটির তত্ত্বাবধানে নিয়োগযোগ্য পদে নিয়োগের উদ্দেশ্যে আবেদনকৃত প্রার্থীদের মধ্যে 'রকেট' এর মাধ্যমে আবেদন ফি প্রদান করে প্রাপ্ত Txn ID নম্বর verification সম্পন্ন না করায় প্রবেশপত্র ডাউনলোডে সমস্যা হচ্ছে। তাদের verification সম্পন্ন করার জন্য বলা হলো। Online Application Form এর নির্ধারিত ঘরে Txn ID নম্বরটি এন্ট্রি করে verification সম্পন্ন করতে হবে এবং নির্ধারিত সময়ের মধ্যে Tracking Page সংগ্রহের জন্য পরামর্শ দেওয়া হলো।

এছাড়া, সংশ্লিষ্ট প্রার্থীদের MCQ Test এর লিখিত পরীক্ষার প্রবেশপত্র বাংলাদেশ ব্যাংকের নিয়োগ সংক্রান্ত ওয়েবসাইট (https://erecruitment.bb.org.bd) হতে ডাউনলোডের ব্যবস্থা গ্রহণ করা হয়েছে। প্রার্থীদের অবশ্যই নির্ধারিত তারিখের মধ্যে প্রবেশপত্র ডাউনলোড করে নেওয়ার জন্য পরামর্শ দেওয়া হলো।

পরীক্ষার তারিখ, সময় এবং কেন্দ্রের নাম ও ঠিকানা পরবর্তীতে বাংলাদেশ ব্যাংক-এর ওয়েবসাইট এবং জাতীয় দৈনিক পত্রিকায় বিজ্ঞপ্তির মাধ্যমে প্রকাশ করা হবে।

উল্লেখ্য, উল্লিখিত তারিখের পর প্রবেশপত্র সংগ্রহের আর কোনো সুযোগ থাকবে না।

ডিএফপি: ৪৫/২০২০-২৪৫০ / ২২/০৯/২০২০
ব্যাংকিং ও আর্থিক সেবা পেতে হয়রানির শিকার হলে কিংবা কোনো অভিযোগ থাকলে ১৬২৩৬ নম্বরে ফোন করুন।
স্বাক্ষরিত/-
(আরিফ হোসেন খান)
মহাব্যবস্থাপক ও সদস্য-সচিব, বিএসসি
জি-১৬৯২/২০ (৬''x৩)
